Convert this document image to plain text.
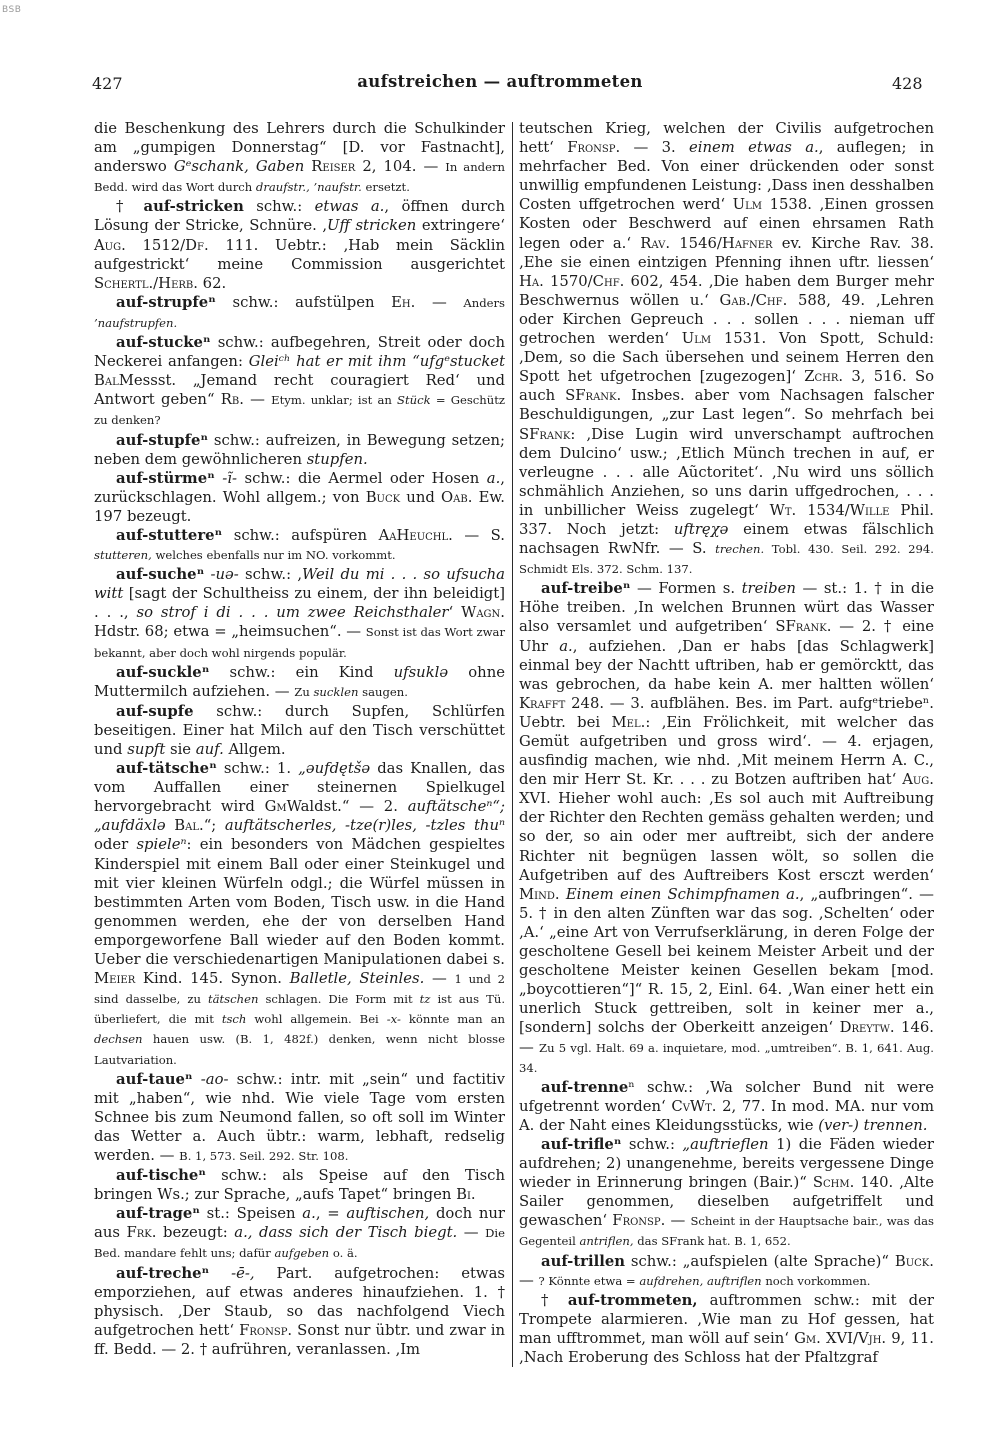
BSB
427	aufstreichen — auftrommeten	428

die Beschenkung des Lehrers durch die Schulkinder am „gumpigen Donnerstag“ [D. vor Fastnacht], anderswo Gᵉschank, Gaben Reiser 2, 104. — In andern Bedd. wird das Wort durch draufstr., ’naufstr. ersetzt.

† auf-stricken schw.: etwas a., öffnen durch Lösung der Stricke, Schnüre. ‚Uff stricken extringere‘ Aug. 1512/Df. 111. Uebtr.: ‚Hab mein Säcklin aufgestrickt‘ meine Commission ausgerichtet Schertl./Herb. 62.

auf-strupfeⁿ schw.: aufstülpen Eh. — Anders ’naufstrupfen.

auf-stuckeⁿ schw.: aufbegehren, Streit oder doch Neckerei anfangen: Gleiᶜʰ hat er mit ihm “ufgᵉstucket BalMessst. „Jemand recht couragiert Red‘ und Antwort geben“ Rb. — Etym. unklar; ist an Stück = Geschütz zu denken?

auf-stupfeⁿ schw.: aufreizen, in Bewegung setzen; neben dem gewöhnlicheren stupfen.

auf-stürmeⁿ -ĩ- schw.: die Aermel oder Hosen a., zurückschlagen. Wohl allgem.; von Buck und Oab. Ew. 197 bezeugt.

auf-stuttereⁿ schw.: aufspüren AaHeuchl. — S. stutteren, welches ebenfalls nur im NO. vorkommt.

auf-sucheⁿ -uə- schw.: ‚Weil du mi . . . so ufsucha witt [sagt der Schultheiss zu einem, der ihn beleidigt] . . ., so strof i di . . . um zwee Reichsthaler‘ Wagn. Hdstr. 68; etwa = „heimsuchen“. — Sonst ist das Wort zwar bekannt, aber doch wohl nirgends populär.

auf-suckleⁿ schw.: ein Kind ufsuklə ohne Muttermilch aufziehen. — Zu sucklen saugen.

auf-supfe schw.: durch Supfen, Schlürfen beseitigen. Einer hat Milch auf den Tisch verschüttet und supft sie auf. Allgem.

auf-tätscheⁿ schw.: 1. „əufdętšə das Knallen, das vom Auffallen einer steinernen Spielkugel hervorgebracht wird GmWaldst.“ — 2. auftätscheⁿ“; „aufdäxlə Bal.“; auftätscherles, -tze(r)les, -tzles thuⁿ oder spieleⁿ: ein besonders von Mädchen gespieltes Kinderspiel mit einem Ball oder einer Steinkugel und mit vier kleinen Würfeln odgl.; die Würfel müssen in bestimmten Arten vom Boden, Tisch usw. in die Hand genommen werden, ehe der von derselben Hand emporgeworfene Ball wieder auf den Boden kommt. Ueber die verschiedenartigen Manipulationen dabei s. Meier Kind. 145. Synon. Balletle, Steinles. — 1 und 2 sind dasselbe, zu tätschen schlagen. Die Form mit tz ist aus Tü. überliefert, die mit tsch wohl allgemein. Bei -x- könnte man an dechsen hauen usw. (B. 1, 482f.) denken, wenn nicht blosse Lautvariation.

auf-taueⁿ -ao- schw.: intr. mit „sein“ und factitiv mit „haben“, wie nhd. Wie viele Tage vom ersten Schnee bis zum Neumond fallen, so oft soll im Winter das Wetter a. Auch übtr.: warm, lebhaft, redselig werden. — B. 1, 573. Seil. 292. Str. 108.

auf-tischeⁿ schw.: als Speise auf den Tisch bringen Ws.; zur Sprache, „aufs Tapet“ bringen Bi.

auf-trageⁿ st.: Speisen a., = auftischen, doch nur aus Frk. bezeugt: a., dass sich der Tisch biegt. — Die Bed. mandare fehlt uns; dafür aufgeben o. ä.

auf-trecheⁿ -ē-, Part. aufgetrochen: etwas emporziehen, auf etwas anderes hinaufziehen. 1. † physisch. ‚Der Staub, so das nachfolgend Viech aufgetrochen hett‘ Fronsp. Sonst nur übtr. und zwar in ff. Bedd. — 2. † aufrühren, veranlassen. ‚Im

teutschen Krieg, welchen der Civilis aufgetrochen hett‘ Fronsp. — 3. einem etwas a., auflegen; in mehrfacher Bed. Von einer drückenden oder sonst unwillig empfundenen Leistung: ‚Dass inen desshalben Costen uffgetrochen werd‘ Ulm 1538. ‚Einen grossen Kosten oder Beschwerd auf einen ehrsamen Rath legen oder a.‘ Rav. 1546/Hafner ev. Kirche Rav. 38. ‚Ehe sie einen eintzigen Pfenning ihnen uftr. liessen‘ Ha. 1570/Chf. 602, 454. ‚Die haben dem Burger mehr Beschwernus wöllen u.‘ Gab./Chf. 588, 49. ‚Lehren oder Kirchen Gepreuch . . . sollen . . . nieman uff getrochen werden‘ Ulm 1531. Von Spott, Schuld: ‚Dem, so die Sach übersehen und seinem Herren den Spott het ufgetrochen [zugezogen]‘ Zchr. 3, 516. So auch SFrank. Insbes. aber vom Nachsagen falscher Beschuldigungen, „zur Last legen“. So mehrfach bei SFrank: ‚Dise Lugin wird unverschampt auftrochen dem Dulcino‘ usw.; ‚Etlich Münch trechen in auf, er verleugne . . . alle Aũctoritet‘. ‚Nu wird uns söllich schmählich Anziehen, so uns darin uffgedrochen, . . . in unbillicher Weiss zugelegt‘ Wt. 1534/Wille Phil. 337. Noch jetzt: uftręχə einem etwas fälschlich nachsagen RwNfr. — S. trechen. Tobl. 430. Seil. 292. 294. Schmidt Els. 372. Schm. 137.

auf-treibeⁿ — Formen s. treiben — st.: 1. † in die Höhe treiben. ‚In welchen Brunnen würt das Wasser also versamlet und aufgetriben‘ SFrank. — 2. † eine Uhr a., aufziehen. ‚Dan er habs [das Schlagwerk] einmal bey der Nachtt uftriben, hab er gemörcktt, das was gebrochen, da habe kein A. mer haltten wöllen‘ Krafft 248. — 3. aufblähen. Bes. im Part. aufgᵉtriebeⁿ. Uebtr. bei Mel.: ‚Ein Frölichkeit, mit welcher das Gemüt aufgetriben und gross wird‘. — 4. erjagen, ausfindig machen, wie nhd. ‚Mit meinem Herrn A. C., den mir Herr St. Kr. . . . zu Botzen auftriben hat‘ Aug. XVI. Hieher wohl auch: ‚Es sol auch mit Auftreibung der Richter den Rechten gemäss gehalten werden; und so der, so ain oder mer auftreibt, sich der andere Richter nit begnügen lassen wölt, so sollen die Aufgetriben auf des Auftreibers Kost ersczt werden‘ Mind. Einem einen Schimpfnamen a., „aufbringen“. — 5. † in den alten Zünften war das sog. ‚Schelten‘ oder ‚A.‘ „eine Art von Verrufserklärung, in deren Folge der gescholtene Gesell bei keinem Meister Arbeit und der gescholtene Meister keinen Gesellen bekam [mod. „boycottieren“]“ R. 15, 2, Einl. 64. ‚Wan einer hett ein unerlich Stuck gettreiben, solt in keiner mer a., [sondern] solchs der Oberkeitt anzeigen‘ Dreytw. 146. — Zu 5 vgl. Halt. 69 a. inquietare, mod. „umtreiben“. B. 1, 641. Aug. 34.

auf-trenneⁿ schw.: ‚Wa solcher Bund nit were ufgetrennt worden‘ CvWt. 2, 77. In mod. MA. nur vom A. der Naht eines Kleidungsstücks, wie (ver-) trennen.

auf-trifleⁿ schw.: „auftrieflen 1) die Fäden wieder aufdrehen; 2) unangenehme, bereits vergessene Dinge wieder in Erinnerung bringen (Bair.)“ Schm. 140. ‚Alte Sailer genommen, dieselben aufgetriffelt und gewaschen‘ Fronsp. — Scheint in der Hauptsache bair., was das Gegenteil antriflen, das SFrank hat. B. 1, 652.

auf-trillen schw.: „aufspielen (alte Sprache)“ Buck. — ? Könnte etwa = aufdrehen, auftriflen noch vorkommen.

† auf-trommeten, auftrommen schw.: mit der Trompete alarmieren. ‚Wie man zu Hof gessen, hat man ufftrommet, man wöll auf sein‘ Gm. XVI/Vjh. 9, 11. ‚Nach Eroberung des Schloss hat der Pfaltzgraf
